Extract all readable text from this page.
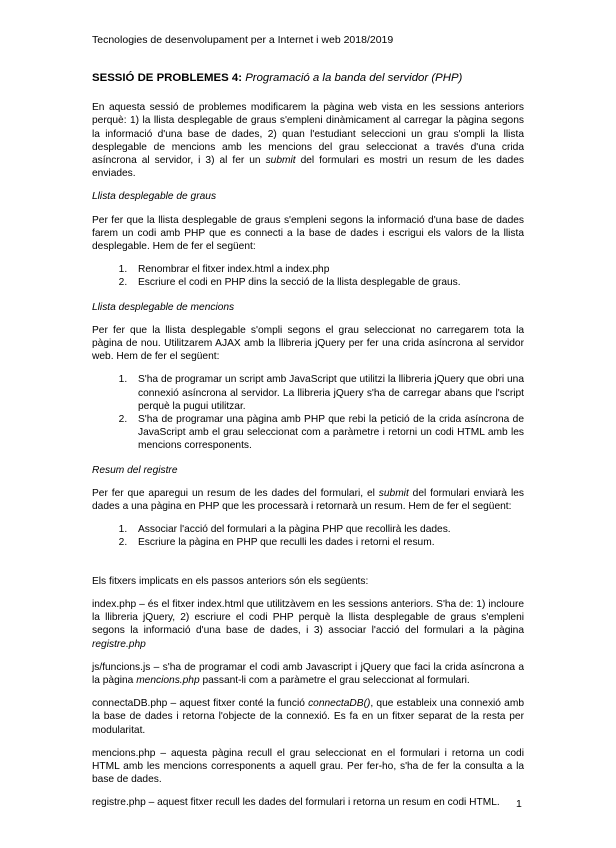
Tecnologies de desenvolupament per a Internet i web 2018/2019
SESSIÓ DE PROBLEMES 4: Programació a la banda del servidor (PHP)

En aquesta sessió de problemes modificarem la pàgina web vista en les sessions anteriors perquè: 1) la llista desplegable de graus s'empleni dinàmicament al carregar la pàgina segons la informació d'una base de dades, 2) quan l'estudiant seleccioni un grau s'ompli la llista desplegable de mencions amb les mencions del grau seleccionat a través d'una crida asíncrona al servidor, i 3) al fer un submit del formulari es mostri un resum de les dades enviades.

Llista desplegable de graus

Per fer que la llista desplegable de graus s'empleni segons la informació d'una base de dades farem un codi amb PHP que es connecti a la base de dades i escrigui els valors de la llista desplegable. Hem de fer el següent:

1. Renombrar el fitxer index.html a index.php
2. Escriure el codi en PHP dins la secció de la llista desplegable de graus.
Llista desplegable de mencions

Per fer que la llista desplegable s'ompli segons el grau seleccionat no carregarem tota la pàgina de nou. Utilitzarem AJAX amb la llibreria jQuery per fer una crida asíncrona al servidor web. Hem de fer el següent:

1. S'ha de programar un script amb JavaScript que utilitzi la llibreria jQuery que obri una connexió asíncrona al servidor. La llibreria jQuery s'ha de carregar abans que l'script perquè la pugui utilitzar.
2. S'ha de programar una pàgina amb PHP que rebi la petició de la crida asíncrona de JavaScript amb el grau seleccionat com a paràmetre i retorni un codi HTML amb les mencions corresponents.
Resum del registre

Per fer que aparegui un resum de les dades del formulari, el submit del formulari enviarà les dades a una pàgina en PHP que les processarà i retornarà un resum. Hem de fer el següent:

1. Associar l'acció del formulari a la pàgina PHP que recollirà les dades.
2. Escriure la pàgina en PHP que reculli les dades i retorni el resum.

Els fitxers implicats en els passos anteriors són els següents:

index.php – és el fitxer index.html que utilitzàvem en les sessions anteriors. S'ha de: 1) incloure la llibreria jQuery, 2) escriure el codi PHP perquè la llista desplegable de graus s'empleni segons la informació d'una base de dades, i 3) associar l'acció del formulari a la pàgina registre.php

js/funcions.js – s'ha de programar el codi amb Javascript i jQuery que faci la crida asíncrona a la pàgina mencions.php passant-li com a paràmetre el grau seleccionat al formulari.

connectaDB.php – aquest fitxer conté la funció connectaDB(), que estableix una connexió amb la base de dades i retorna l'objecte de la connexió. Es fa en un fitxer separat de la resta per modularitat.

mencions.php – aquesta pàgina recull el grau seleccionat en el formulari i retorna un codi HTML amb les mencions corresponents a aquell grau. Per fer-ho, s'ha de fer la consulta a la base de dades.

registre.php – aquest fitxer recull les dades del formulari i retorna un resum en codi HTML.	1
